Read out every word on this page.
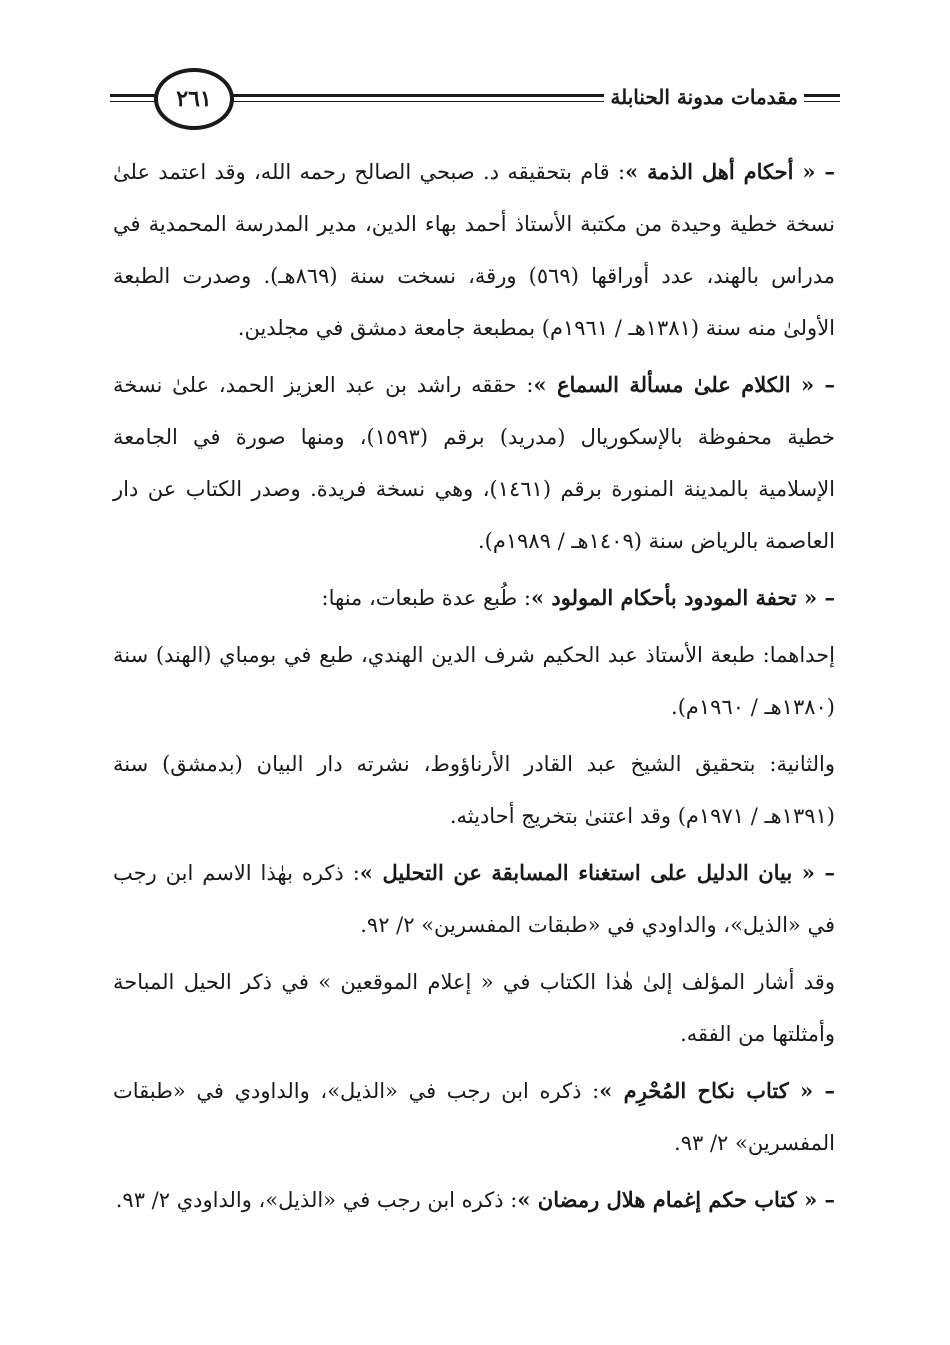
٢٦١	مقدمات مدونة الحنابلة

– « أحكام أهل الذمة »: قام بتحقيقه د. صبحي الصالح رحمه الله، وقد اعتمد علىٰ نسخة خطية وحيدة من مكتبة الأستاذ أحمد بهاء الدين، مدير المدرسة المحمدية في مدراس بالهند، عدد أوراقها (٥٦٩) ورقة، نسخت سنة (٨٦٩هـ). وصدرت الطبعة الأولىٰ منه سنة (١٣٨١هـ / ١٩٦١م) بمطبعة جامعة دمشق في مجلدين.

– « الكلام علىٰ مسألة السماع »: حققه راشد بن عبد العزيز الحمد، علىٰ نسخة خطية محفوظة بالإسكوريال (مدريد) برقم (١٥٩٣)، ومنها صورة في الجامعة الإسلامية بالمدينة المنورة برقم (١٤٦١)، وهي نسخة فريدة. وصدر الكتاب عن دار العاصمة بالرياض سنة (١٤٠٩هـ / ١٩٨٩م).

– « تحفة المودود بأحكام المولود »: طُبع عدة طبعات، منها:

إحداهما: طبعة الأستاذ عبد الحكيم شرف الدين الهندي، طبع في بومباي (الهند) سنة (١٣٨٠هـ / ١٩٦٠م).

والثانية: بتحقيق الشيخ عبد القادر الأرناؤوط، نشرته دار البيان (بدمشق) سنة (١٣٩١هـ / ١٩٧١م) وقد اعتنىٰ بتخريج أحاديثه.

– « بيان الدليل على استغناء المسابقة عن التحليل »: ذكره بهٰذا الاسم ابن رجب في «الذيل»، والداودي في «طبقات المفسرين» ٢/ ٩٢.

وقد أشار المؤلف إلىٰ هٰذا الكتاب في « إعلام الموقعين » في ذكر الحيل المباحة وأمثلتها من الفقه.

– « كتاب نكاح المُحْرِم »: ذكره ابن رجب في «الذيل»، والداودي في «طبقات المفسرين» ٢/ ٩٣.

– « كتاب حكم إغمام هلال رمضان »: ذكره ابن رجب في «الذيل»، والداودي ٢/ ٩٣.
